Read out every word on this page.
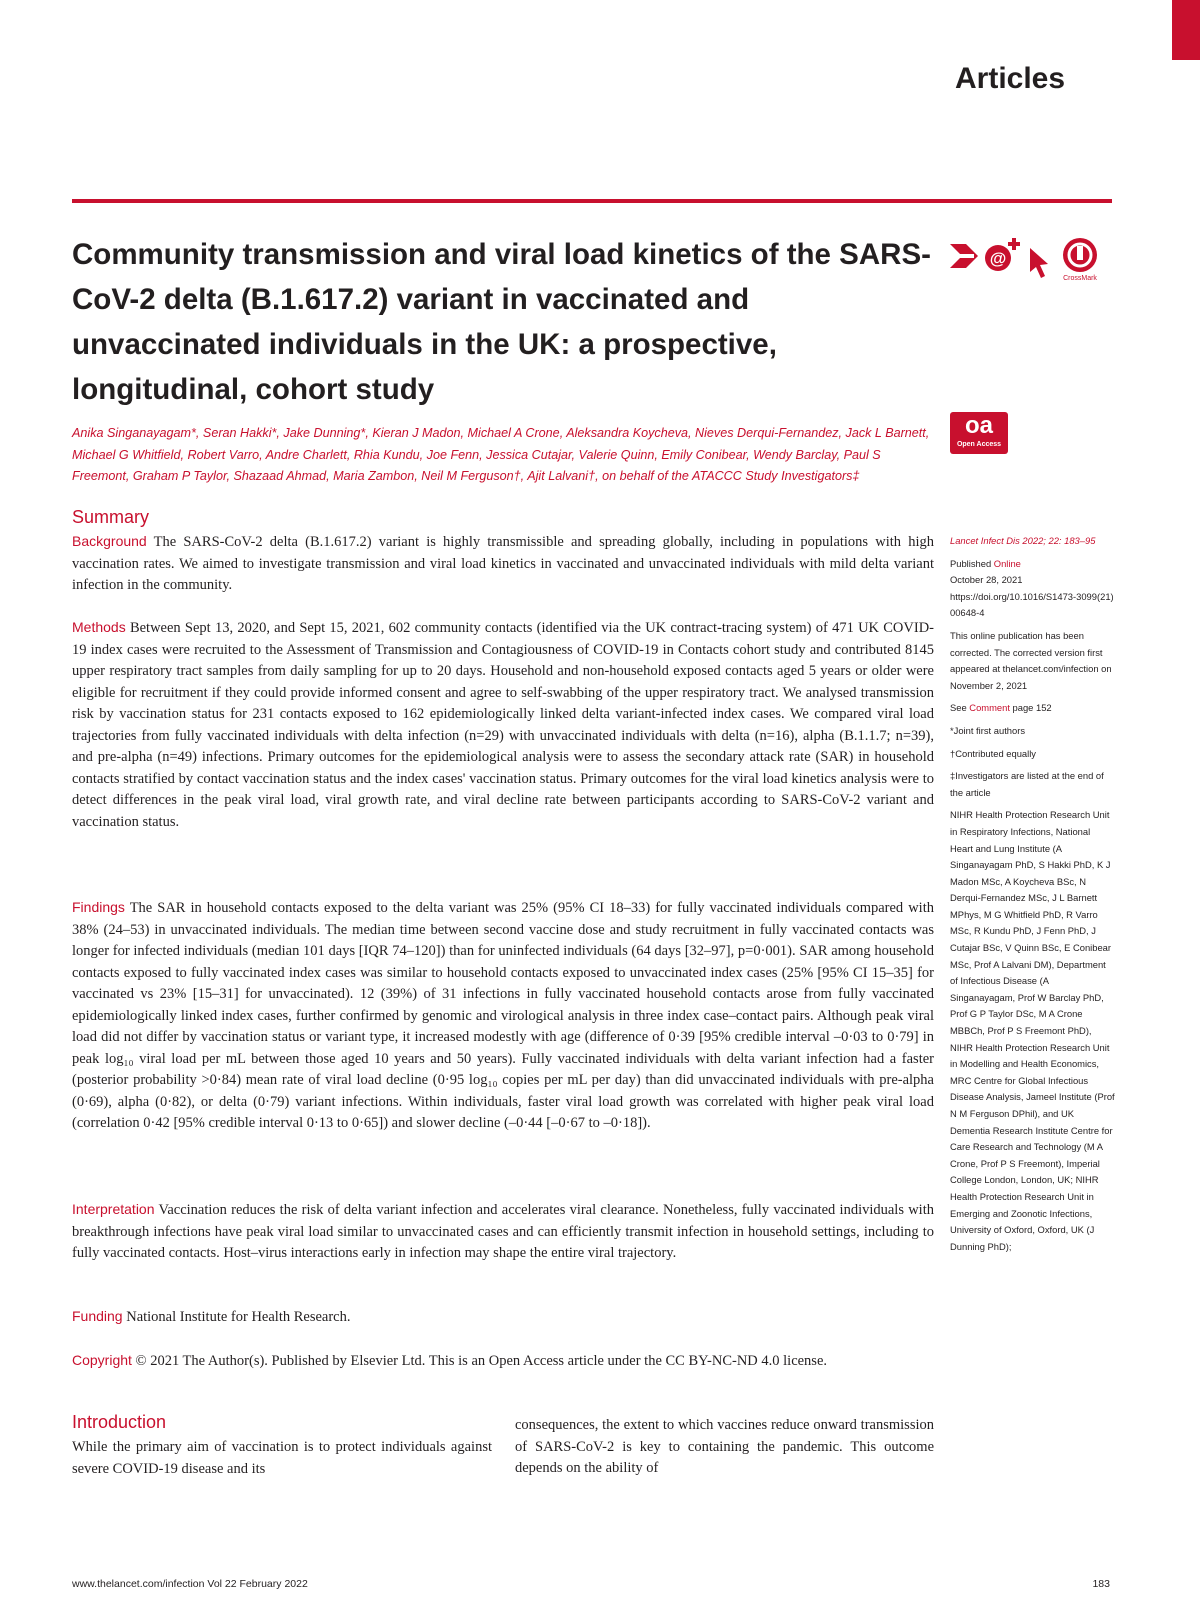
Articles
Community transmission and viral load kinetics of the SARS-CoV-2 delta (B.1.617.2) variant in vaccinated and unvaccinated individuals in the UK: a prospective, longitudinal, cohort study
@
CrossMark
oa
Open Access

Anika Singanayagam*, Seran Hakki*, Jake Dunning*, Kieran J Madon, Michael A Crone, Aleksandra Koycheva, Nieves Derqui-Fernandez, Jack L Barnett, Michael G Whitfield, Robert Varro, Andre Charlett, Rhia Kundu, Joe Fenn, Jessica Cutajar, Valerie Quinn, Emily Conibear, Wendy Barclay, Paul S Freemont, Graham P Taylor, Shazaad Ahmad, Maria Zambon, Neil M Ferguson†, Ajit Lalvani†, on behalf of the ATACCC Study Investigators‡

Summary

Background The SARS-CoV-2 delta (B.1.617.2) variant is highly transmissible and spreading globally, including in populations with high vaccination rates. We aimed to investigate transmission and viral load kinetics in vaccinated and unvaccinated individuals with mild delta variant infection in the community.

Methods Between Sept 13, 2020, and Sept 15, 2021, 602 community contacts (identified via the UK contract-tracing system) of 471 UK COVID-19 index cases were recruited to the Assessment of Transmission and Contagiousness of COVID-19 in Contacts cohort study and contributed 8145 upper respiratory tract samples from daily sampling for up to 20 days. Household and non-household exposed contacts aged 5 years or older were eligible for recruitment if they could provide informed consent and agree to self-swabbing of the upper respiratory tract. We analysed transmission risk by vaccination status for 231 contacts exposed to 162 epidemiologically linked delta variant-infected index cases. We compared viral load trajectories from fully vaccinated individuals with delta infection (n=29) with unvaccinated individuals with delta (n=16), alpha (B.1.1.7; n=39), and pre-alpha (n=49) infections. Primary outcomes for the epidemiological analysis were to assess the secondary attack rate (SAR) in household contacts stratified by contact vaccination status and the index cases' vaccination status. Primary outcomes for the viral load kinetics analysis were to detect differences in the peak viral load, viral growth rate, and viral decline rate between participants according to SARS-CoV-2 variant and vaccination status.

Findings The SAR in household contacts exposed to the delta variant was 25% (95% CI 18–33) for fully vaccinated individuals compared with 38% (24–53) in unvaccinated individuals. The median time between second vaccine dose and study recruitment in fully vaccinated contacts was longer for infected individuals (median 101 days [IQR 74–120]) than for uninfected individuals (64 days [32–97], p=0·001). SAR among household contacts exposed to fully vaccinated index cases was similar to household contacts exposed to unvaccinated index cases (25% [95% CI 15–35] for vaccinated vs 23% [15–31] for unvaccinated). 12 (39%) of 31 infections in fully vaccinated household contacts arose from fully vaccinated epidemiologically linked index cases, further confirmed by genomic and virological analysis in three index case–contact pairs. Although peak viral load did not differ by vaccination status or variant type, it increased modestly with age (difference of 0·39 [95% credible interval –0·03 to 0·79] in peak log₁₀ viral load per mL between those aged 10 years and 50 years). Fully vaccinated individuals with delta variant infection had a faster (posterior probability >0·84) mean rate of viral load decline (0·95 log₁₀ copies per mL per day) than did unvaccinated individuals with pre-alpha (0·69), alpha (0·82), or delta (0·79) variant infections. Within individuals, faster viral load growth was correlated with higher peak viral load (correlation 0·42 [95% credible interval 0·13 to 0·65]) and slower decline (–0·44 [–0·67 to –0·18]).

Interpretation Vaccination reduces the risk of delta variant infection and accelerates viral clearance. Nonetheless, fully vaccinated individuals with breakthrough infections have peak viral load similar to unvaccinated cases and can efficiently transmit infection in household settings, including to fully vaccinated contacts. Host–virus interactions early in infection may shape the entire viral trajectory.

Funding National Institute for Health Research.

Copyright © 2021 The Author(s). Published by Elsevier Ltd. This is an Open Access article under the CC BY-NC-ND 4.0 license.

Introduction

While the primary aim of vaccination is to protect individuals against severe COVID-19 disease and its

consequences, the extent to which vaccines reduce onward transmission of SARS-CoV-2 is key to containing the pandemic. This outcome depends on the ability of

Lancet Infect Dis 2022; 22: 183–95

Published Online
October 28, 2021
https://doi.org/10.1016/S1473-3099(21)00648-4

This online publication has been corrected. The corrected version first appeared at thelancet.com/infection on November 2, 2021

See Comment page 152

*Joint first authors

†Contributed equally

‡Investigators are listed at the end of the article

NIHR Health Protection Research Unit in Respiratory Infections, National Heart and Lung Institute (A Singanayagam PhD, S Hakki PhD, K J Madon MSc, A Koycheva BSc, N Derqui-Fernandez MSc, J L Barnett MPhys, M G Whitfield PhD, R Varro MSc, R Kundu PhD, J Fenn PhD, J Cutajar BSc, V Quinn BSc, E Conibear MSc, Prof A Lalvani DM), Department of Infectious Disease (A Singanayagam, Prof W Barclay PhD, Prof G P Taylor DSc, M A Crone MBBCh, Prof P S Freemont PhD), NIHR Health Protection Research Unit in Modelling and Health Economics, MRC Centre for Global Infectious Disease Analysis, Jameel Institute (Prof N M Ferguson DPhil), and UK Dementia Research Institute Centre for Care Research and Technology (M A Crone, Prof P S Freemont), Imperial College London, London, UK; NIHR Health Protection Research Unit in Emerging and Zoonotic Infections, University of Oxford, Oxford, UK (J Dunning PhD);

www.thelancet.com/infection Vol 22 February 2022	183
